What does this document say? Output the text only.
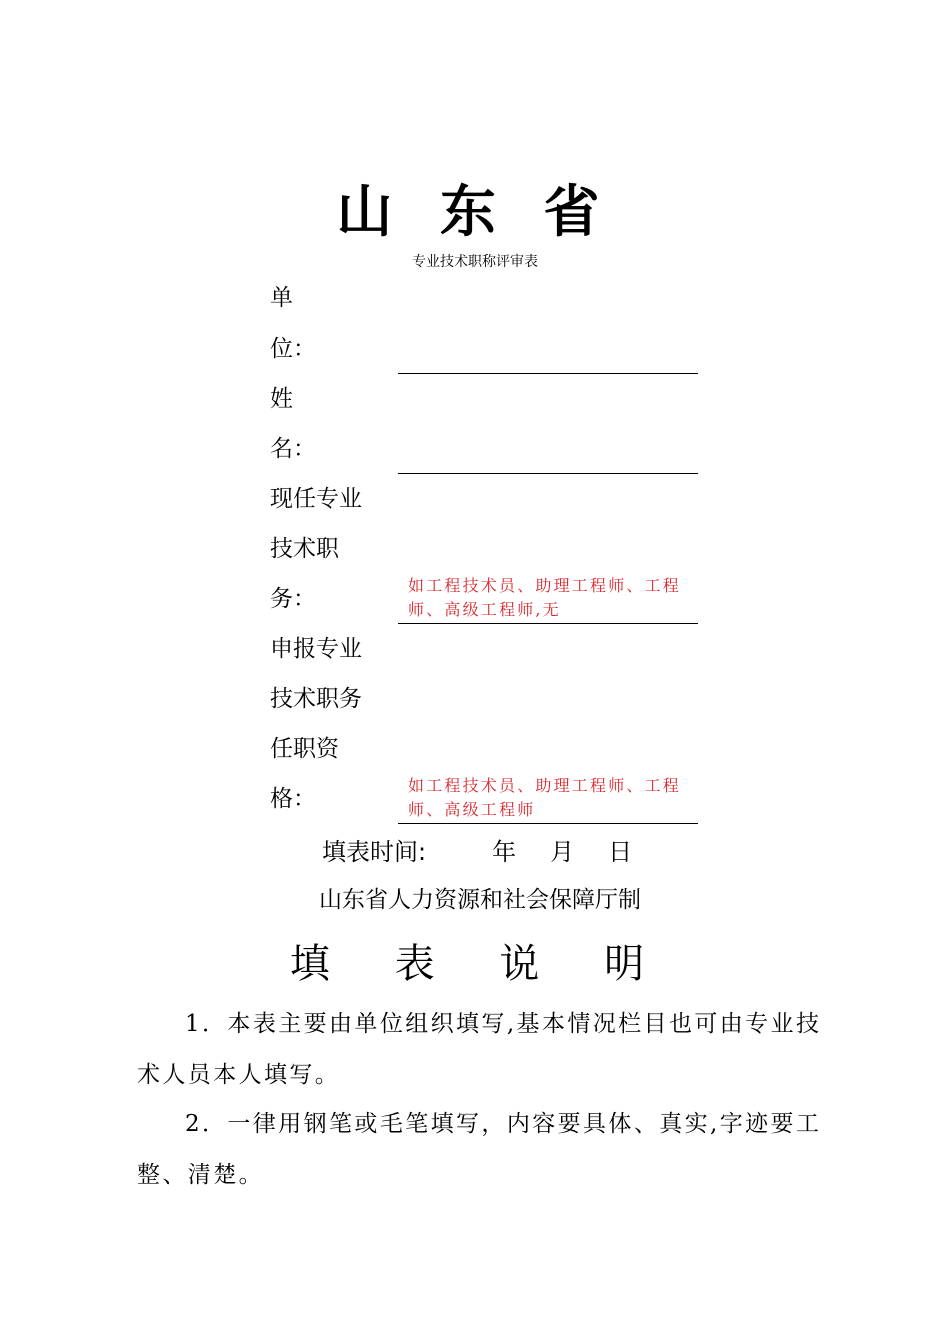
山 东 省
专业技术职称评审表
单
位：
姓
名：
现任专业
技术职
务：
如工程技术员、助理工程师、工程师、高级工程师,无
申报专业
技术职务
任职资
格：
如工程技术员、助理工程师、工程师、高级工程师
填表时间:	年 月 日
山东省人力资源和社会保障厅制
填 表 说 明
1．本表主要由单位组织填写,基本情况栏目也可由专业技术人员本人填写。
2．一律用钢笔或毛笔填写，内容要具体、真实,字迹要工整、清楚。
